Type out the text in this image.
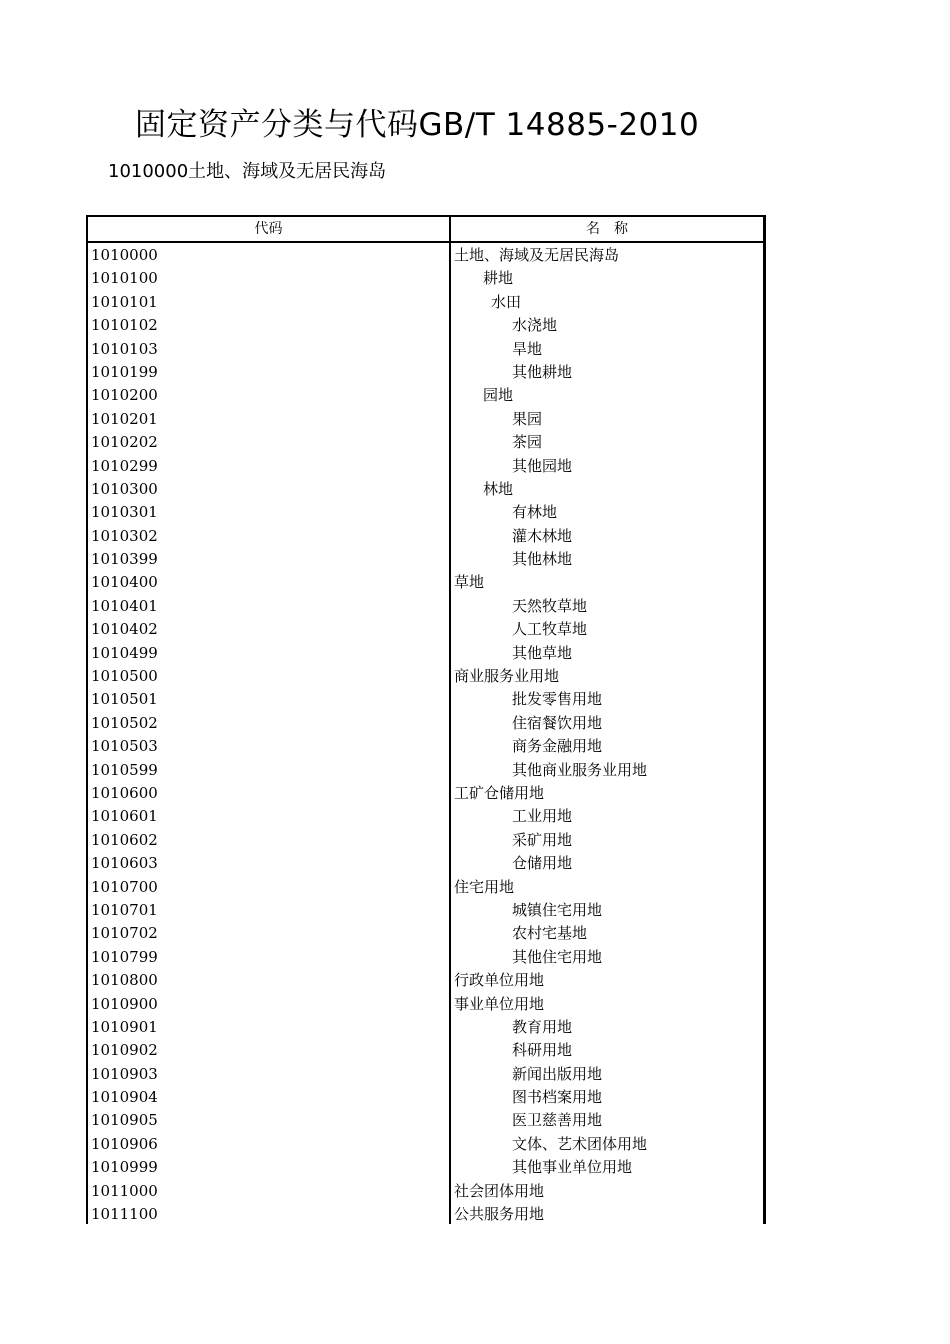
固定资产分类与代码GB/T 14885-2010
1010000土地、海域及无居民海岛
代码	名　称
1010000	土地、海域及无居民海岛
1010100	耕地
1010101	水田
1010102	水浇地
1010103	旱地
1010199	其他耕地
1010200	园地
1010201	果园
1010202	茶园
1010299	其他园地
1010300	林地
1010301	有林地
1010302	灌木林地
1010399	其他林地
1010400	草地
1010401	天然牧草地
1010402	人工牧草地
1010499	其他草地
1010500	商业服务业用地
1010501	批发零售用地
1010502	住宿餐饮用地
1010503	商务金融用地
1010599	其他商业服务业用地
1010600	工矿仓储用地
1010601	工业用地
1010602	采矿用地
1010603	仓储用地
1010700	住宅用地
1010701	城镇住宅用地
1010702	农村宅基地
1010799	其他住宅用地
1010800	行政单位用地
1010900	事业单位用地
1010901	教育用地
1010902	科研用地
1010903	新闻出版用地
1010904	图书档案用地
1010905	医卫慈善用地
1010906	文体、艺术团体用地
1010999	其他事业单位用地
1011000	社会团体用地
1011100	公共服务用地
